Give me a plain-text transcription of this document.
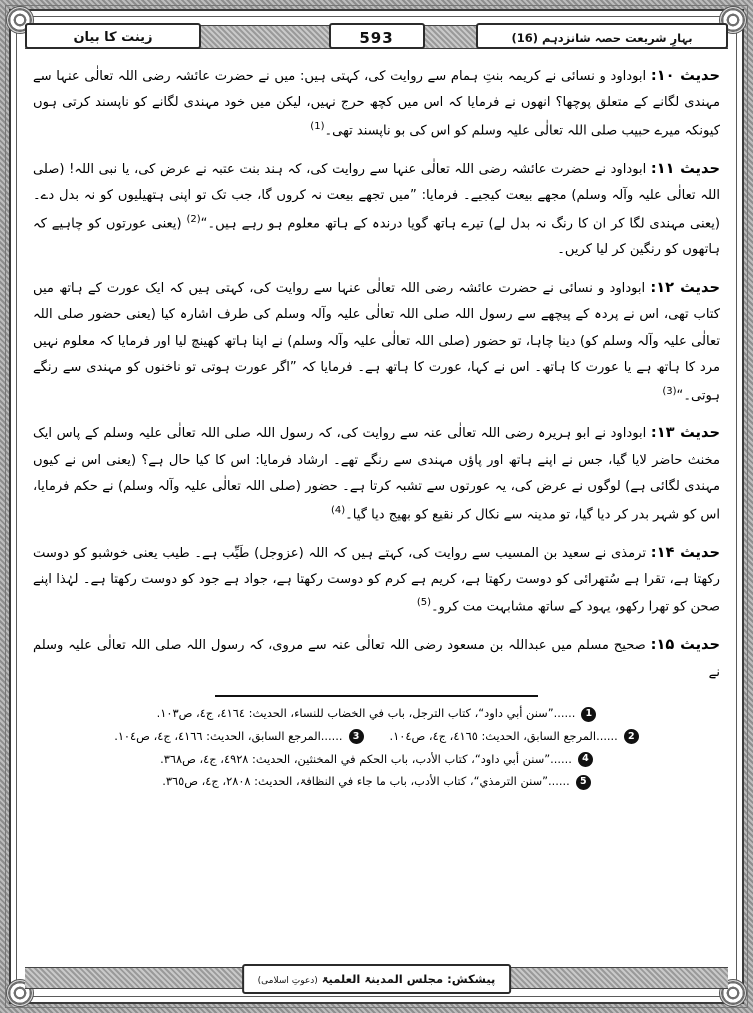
بہارِ شریعت حصہ شانزدہم (16)
593
زینت کا بیان

حدیث ۱۰: ابوداود و نسائی نے کریمہ بنتِ ہمام سے روایت کی، کہتی ہیں: میں نے حضرت عائشہ رضی اللہ تعالٰی عنہا سے مہندی لگانے کے متعلق پوچھا؟ انھوں نے فرمایا کہ اس میں کچھ حرج نہیں، لیکن میں خود مہندی لگانے کو ناپسند کرتی ہوں کیونکہ میرے حبیب صلی اللہ تعالٰی علیہ وسلم کو اس کی بو ناپسند تھی۔$^{(1)}$

حدیث ۱۱: ابوداود نے حضرت عائشہ رضی اللہ تعالٰی عنہا سے روایت کی، کہ ہند بنت عتبہ نے عرض کی، یا نبی اللہ! (صلی اللہ تعالٰی علیہ وآلہ وسلم) مجھے بیعت کیجیے۔ فرمایا: ”میں تجھے بیعت نہ کروں گا، جب تک تو اپنی ہتھیلیوں کو نہ بدل دے۔ (یعنی مہندی لگا کر ان کا رنگ نہ بدل لے) تیرے ہاتھ گویا درندہ کے ہاتھ معلوم ہو رہے ہیں۔“$^{(2)}$ (یعنی عورتوں کو چاہیے کہ ہاتھوں کو رنگین کر لیا کریں۔

حدیث ۱۲: ابوداود و نسائی نے حضرت عائشہ رضی اللہ تعالٰی عنہا سے روایت کی، کہتی ہیں کہ ایک عورت کے ہاتھ میں کتاب تھی، اس نے پردہ کے پیچھے سے رسول اللہ صلی اللہ تعالٰی علیہ وآلہ وسلم کی طرف اشارہ کیا (یعنی حضور صلی اللہ تعالٰی علیہ وآلہ وسلم کو) دینا چاہا، تو حضور (صلی اللہ تعالٰی علیہ وآلہ وسلم) نے اپنا ہاتھ کھینچ لیا اور فرمایا کہ معلوم نہیں مرد کا ہاتھ ہے یا عورت کا ہاتھ۔ اس نے کہا، عورت کا ہاتھ ہے۔ فرمایا کہ ”اگر عورت ہوتی تو ناخنوں کو مہندی سے رنگے ہوتی۔“$^{(3)}$

حدیث ۱۳: ابوداود نے ابو ہریرہ رضی اللہ تعالٰی عنہ سے روایت کی، کہ رسول اللہ صلی اللہ تعالٰی علیہ وسلم کے پاس ایک مخنث حاضر لایا گیا، جس نے اپنے ہاتھ اور پاؤں مہندی سے رنگے تھے۔ ارشاد فرمایا: اس کا کیا حال ہے؟ (یعنی اس نے کیوں مہندی لگائی ہے) لوگوں نے عرض کی، یہ عورتوں سے تشبہ کرتا ہے۔ حضور (صلی اللہ تعالٰی علیہ وآلہ وسلم) نے حکم فرمایا، اس کو شہر بدر کر دیا گیا، تو مدینہ سے نکال کر نقیع کو بھیج دیا گیا۔$^{(4)}$

حدیث ۱۴: ترمذی نے سعید بن المسیب سے روایت کی، کہتے ہیں کہ اللہ (عزوجل) طَیِّب ہے۔ طیب یعنی خوشبو کو دوست رکھتا ہے، تقرا ہے سُتھرائی کو دوست رکھتا ہے، کریم ہے کرم کو دوست رکھتا ہے، جواد ہے جود کو دوست رکھتا ہے۔ لہٰذا اپنے صحن کو تھرا رکھو، یہود کے ساتھ مشابہت مت کرو۔$^{(5)}$

حدیث ۱۵: صحیح مسلم میں عبداللہ بن مسعود رضی اللہ تعالٰی عنہ سے مروی، کہ رسول اللہ صلی اللہ تعالٰی علیہ وسلم نے

1
......”سنن أبي داود“، کتاب الترجل، باب في الخضاب للنساء، الحدیث: ٤١٦٤، ج٤، ص١٠٣.
2
......المرجع السابق، الحدیث: ٤١٦٥، ج٤، ص١٠٤.
3
......المرجع السابق، الحدیث: ٤١٦٦، ج٤، ص١٠٤.
4
......”سنن أبي داود“، کتاب الأدب، باب الحکم في المخنثین، الحدیث: ٤٩٢٨، ج٤، ص٣٦٨.
5
......”سنن الترمذي“، کتاب الأدب، باب ما جاء في النظافۃ، الحدیث: ٢٨٠٨، ج٤، ص٣٦٥.
پیشکش: مجلس المدینۃ العلمیۃ (دعوتِ اسلامی)
